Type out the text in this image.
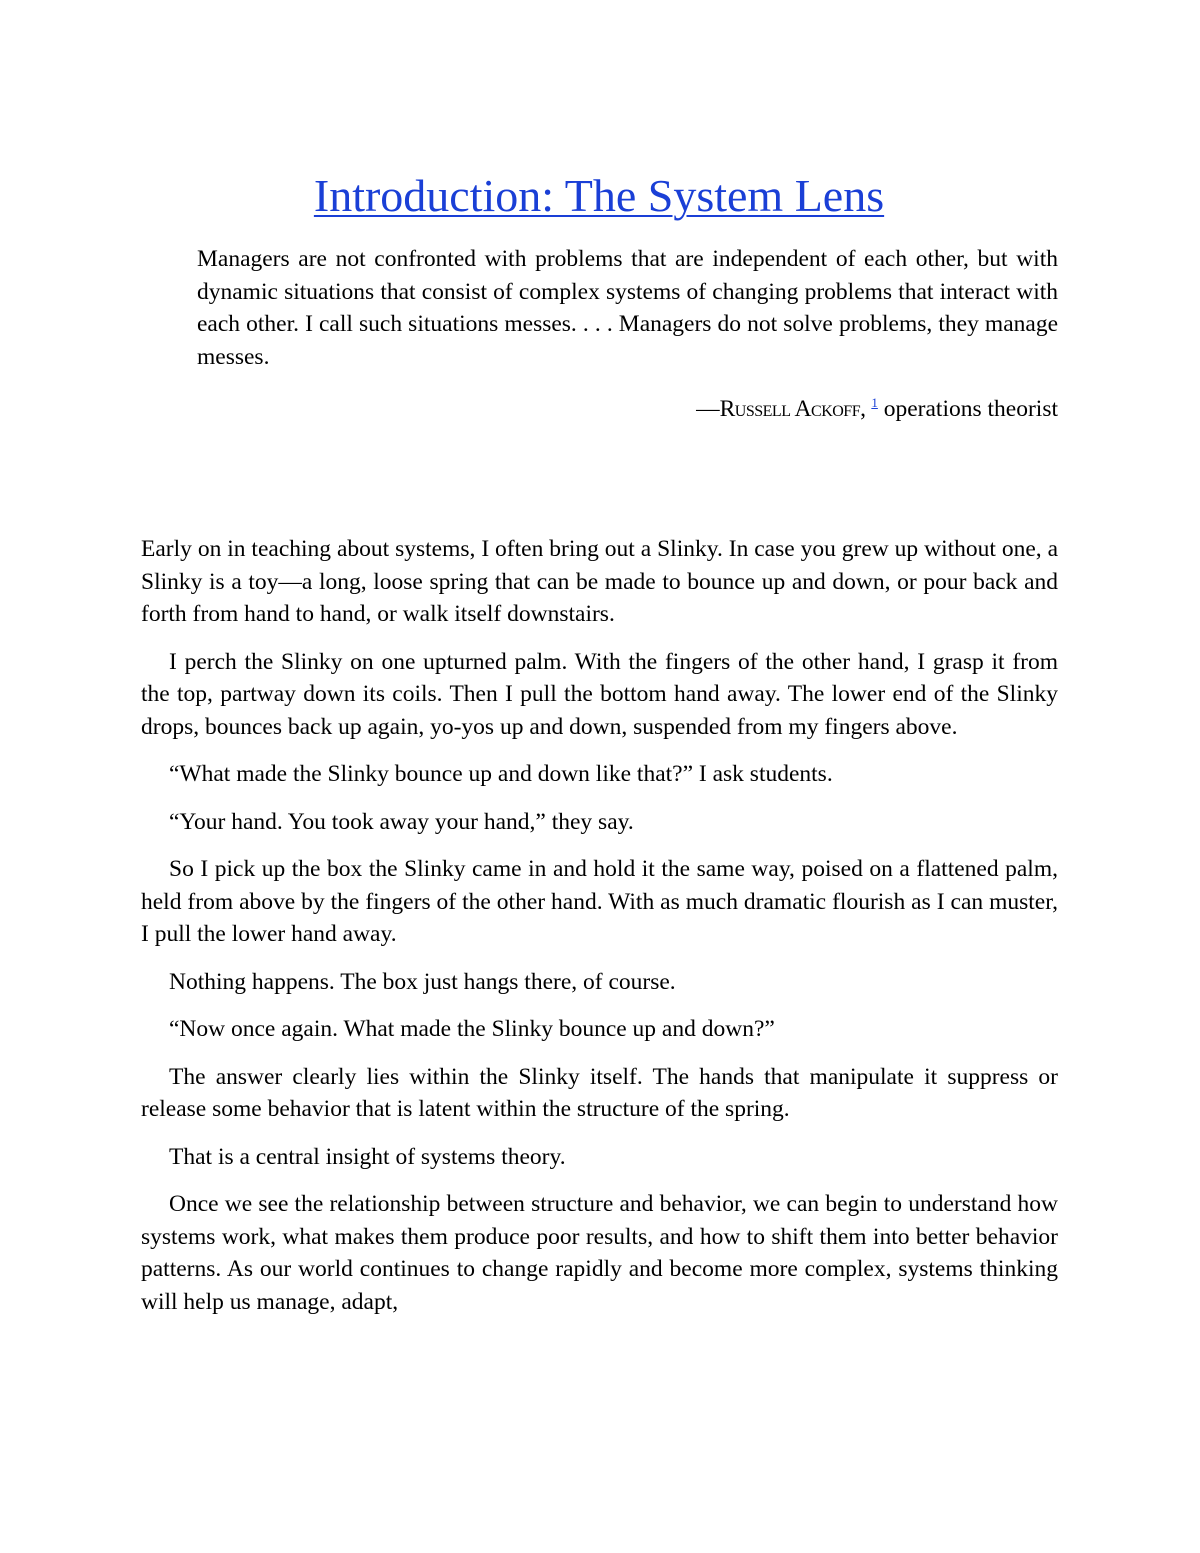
Introduction: The System Lens

Managers are not confronted with problems that are independent of each other, but with dynamic situations that consist of complex systems of changing problems that interact with each other. I call such situations messes. . . . Managers do not solve problems, they manage messes.

—Russell Ackoff, $^1$ operations theorist

Early on in teaching about systems, I often bring out a Slinky. In case you grew up without one, a Slinky is a toy—a long, loose spring that can be made to bounce up and down, or pour back and forth from hand to hand, or walk itself downstairs.

I perch the Slinky on one upturned palm. With the fingers of the other hand, I grasp it from the top, partway down its coils. Then I pull the bottom hand away. The lower end of the Slinky drops, bounces back up again, yo-yos up and down, suspended from my fingers above.

“What made the Slinky bounce up and down like that?” I ask students.

“Your hand. You took away your hand,” they say.

So I pick up the box the Slinky came in and hold it the same way, poised on a flattened palm, held from above by the fingers of the other hand. With as much dramatic flourish as I can muster, I pull the lower hand away.

Nothing happens. The box just hangs there, of course.

“Now once again. What made the Slinky bounce up and down?”

The answer clearly lies within the Slinky itself. The hands that manipulate it suppress or release some behavior that is latent within the structure of the spring.

That is a central insight of systems theory.

Once we see the relationship between structure and behavior, we can begin to understand how systems work, what makes them produce poor results, and how to shift them into better behavior patterns. As our world continues to change rapidly and become more complex, systems thinking will help us manage, adapt,
